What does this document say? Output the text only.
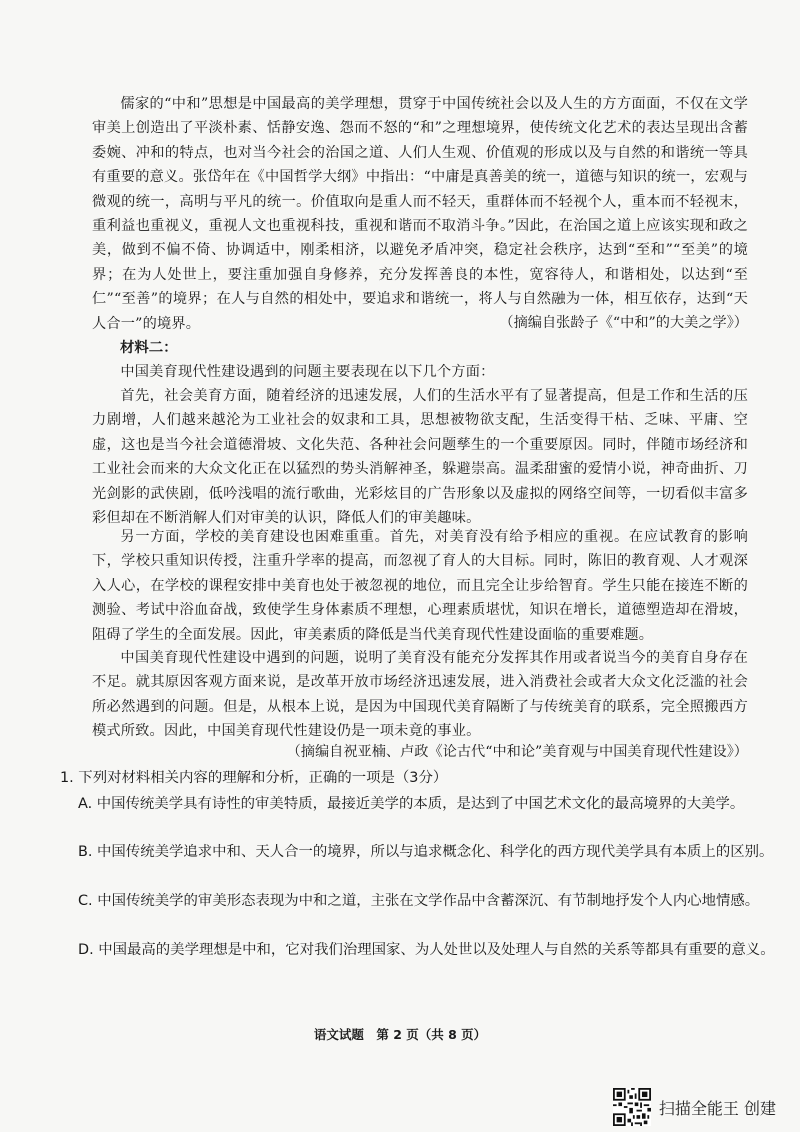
儒家的“中和”思想是中国最高的美学理想，贯穿于中国传统社会以及人生的方方面面，不仅在文学审美上创造出了平淡朴素、恬静安逸、怨而不怒的“和”之理想境界，使传统文化艺术的表达呈现出含蓄委婉、冲和的特点，也对当今社会的治国之道、人们人生观、价值观的形成以及与自然的和谐统一等具有重要的意义。张岱年在《中国哲学大纲》中指出：“中庸是真善美的统一，道德与知识的统一，宏观与微观的统一，高明与平凡的统一。价值取向是重人而不轻天，重群体而不轻视个人，重本而不轻视末，重利益也重视义，重视人文也重视科技，重视和谐而不取消斗争。”因此，在治国之道上应该实现和政之美，做到不偏不倚、协调适中，刚柔相济，以避免矛盾冲突，稳定社会秩序，达到“至和”“至美”的境界；在为人处世上，要注重加强自身修养，充分发挥善良的本性，宽容待人，和谐相处，以达到“至仁”“至善”的境界；在人与自然的相处中，要追求和谐统一，将人与自然融为一体，相互依存，达到“天人合一”的境界。	（摘编自张龄子《“中和”的大美之学》）

材料二：

中国美育现代性建设遇到的问题主要表现在以下几个方面：

首先，社会美育方面，随着经济的迅速发展，人们的生活水平有了显著提高，但是工作和生活的压力剧增，人们越来越沦为工业社会的奴隶和工具，思想被物欲支配，生活变得干枯、乏味、平庸、空虚，这也是当今社会道德滑坡、文化失范、各种社会问题孳生的一个重要原因。同时，伴随市场经济和工业社会而来的大众文化正在以猛烈的势头消解神圣，躲避崇高。温柔甜蜜的爱情小说，神奇曲折、刀光剑影的武侠剧，低吟浅唱的流行歌曲，光彩炫目的广告形象以及虚拟的网络空间等，一切看似丰富多彩但却在不断消解人们对审美的认识，降低人们的审美趣味。

另一方面，学校的美育建设也困难重重。首先，对美育没有给予相应的重视。在应试教育的影响下，学校只重知识传授，注重升学率的提高，而忽视了育人的大目标。同时，陈旧的教育观、人才观深入人心，在学校的课程安排中美育也处于被忽视的地位，而且完全让步给智育。学生只能在接连不断的测验、考试中浴血奋战，致使学生身体素质不理想，心理素质堪忧，知识在增长，道德塑造却在滑坡，阻碍了学生的全面发展。因此，审美素质的降低是当代美育现代性建设面临的重要难题。

中国美育现代性建设中遇到的问题，说明了美育没有能充分发挥其作用或者说当今的美育自身存在不足。就其原因客观方面来说，是改革开放市场经济迅速发展，进入消费社会或者大众文化泛滥的社会所必然遇到的问题。但是，从根本上说，是因为中国现代美育隔断了与传统美育的联系，完全照搬西方模式所致。因此，中国美育现代性建设仍是一项未竟的事业。

（摘编自祝亚楠、卢政《论古代“中和论”美育观与中国美育现代性建设》）

1. 下列对材料相关内容的理解和分析，正确的一项是（3分）

A. 中国传统美学具有诗性的审美特质，最接近美学的本质，是达到了中国艺术文化的最高境界的大美学。

B. 中国传统美学追求中和、天人合一的境界，所以与追求概念化、科学化的西方现代美学具有本质上的区别。

C. 中国传统美学的审美形态表现为中和之道，主张在文学作品中含蓄深沉、有节制地抒发个人内心地情感。

D. 中国最高的美学理想是中和，它对我们治理国家、为人处世以及处理人与自然的关系等都具有重要的意义。

语文试题　第 2 页（共 8 页）

扫描全能王 创建
